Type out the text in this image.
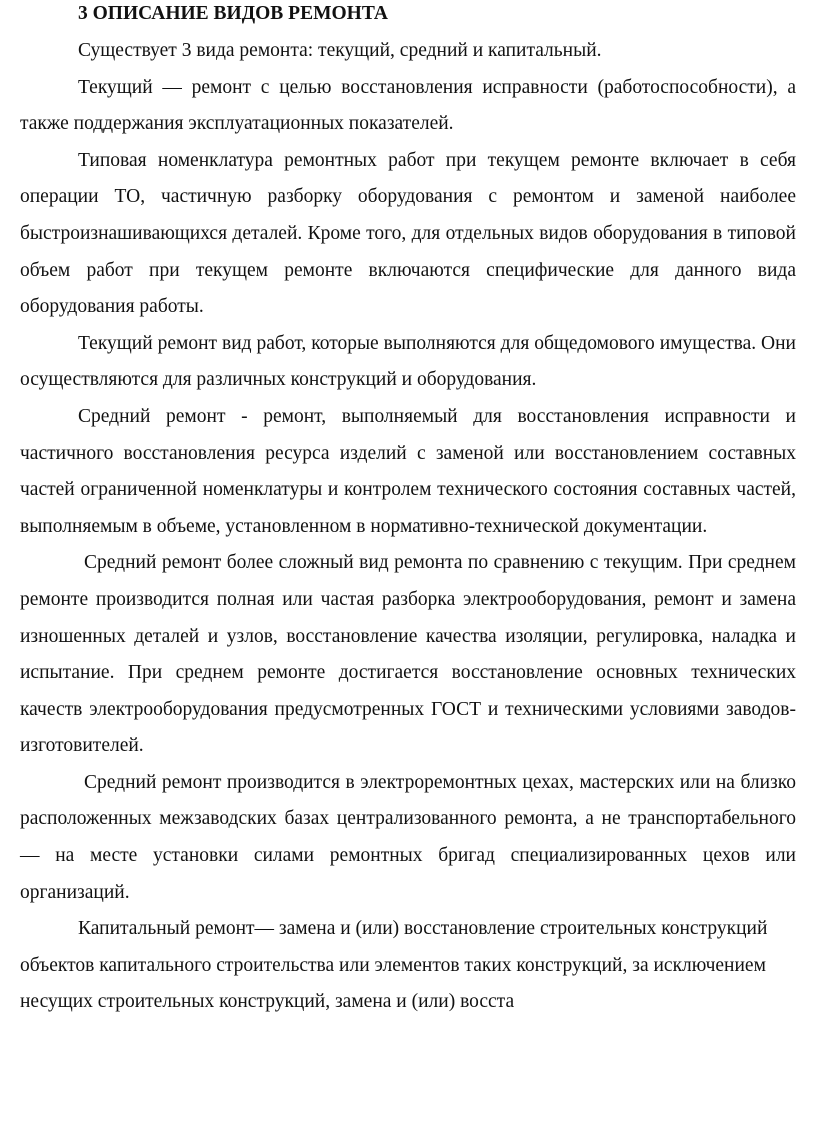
3 ОПИСАНИЕ ВИДОВ РЕМОНТА

Существует 3 вида ремонта: текущий, средний и капитальный.

Текущий — ремонт с целью восстановления исправности (работоспособности), а также поддержания эксплуатационных показателей.

Типовая номенклатура ремонтных работ при текущем ремонте включает в себя операции ТО, частичную разборку оборудования с ремонтом и заменой наиболее быстроизнашивающихся деталей. Кроме того, для отдельных видов оборудования в типовой объем работ при текущем ремонте включаются специфические для данного вида оборудования работы.

Текущий ремонт вид работ, которые выполняются для общедомового имущества. Они осуществляются для различных конструкций и оборудования.

Средний ремонт - ремонт, выполняемый для восстановления исправности и частичного восстановления ресурса изделий с заменой или восстановлением составных частей ограниченной номенклатуры и контролем технического состояния составных частей, выполняемым в объеме, установленном в нормативно-технической документации.

Средний ремонт более сложный вид ремонта по сравнению с текущим. При среднем ремонте производится полная или частая разборка электрооборудования, ремонт и замена изношенных деталей и узлов, восстановление качества изоляции, регулировка, наладка и испытание. При среднем ремонте достигается восстановление основных технических качеств электрооборудования предусмотренных ГОСТ и техническими условиями заводов-изготовителей.

Средний ремонт производится в электроремонтных цехах, мастерских или на близко расположенных межзаводских базах централизованного ремонта, а не транспортабельного — на месте установки силами ремонтных бригад специализированных цехов или организаций.

Капитальный ремонт— замена и (или) восстановление строительных конструкций объектов капитального строительства или элементов таких конструкций, за исключением несущих строительных конструкций, замена и (или) восста
